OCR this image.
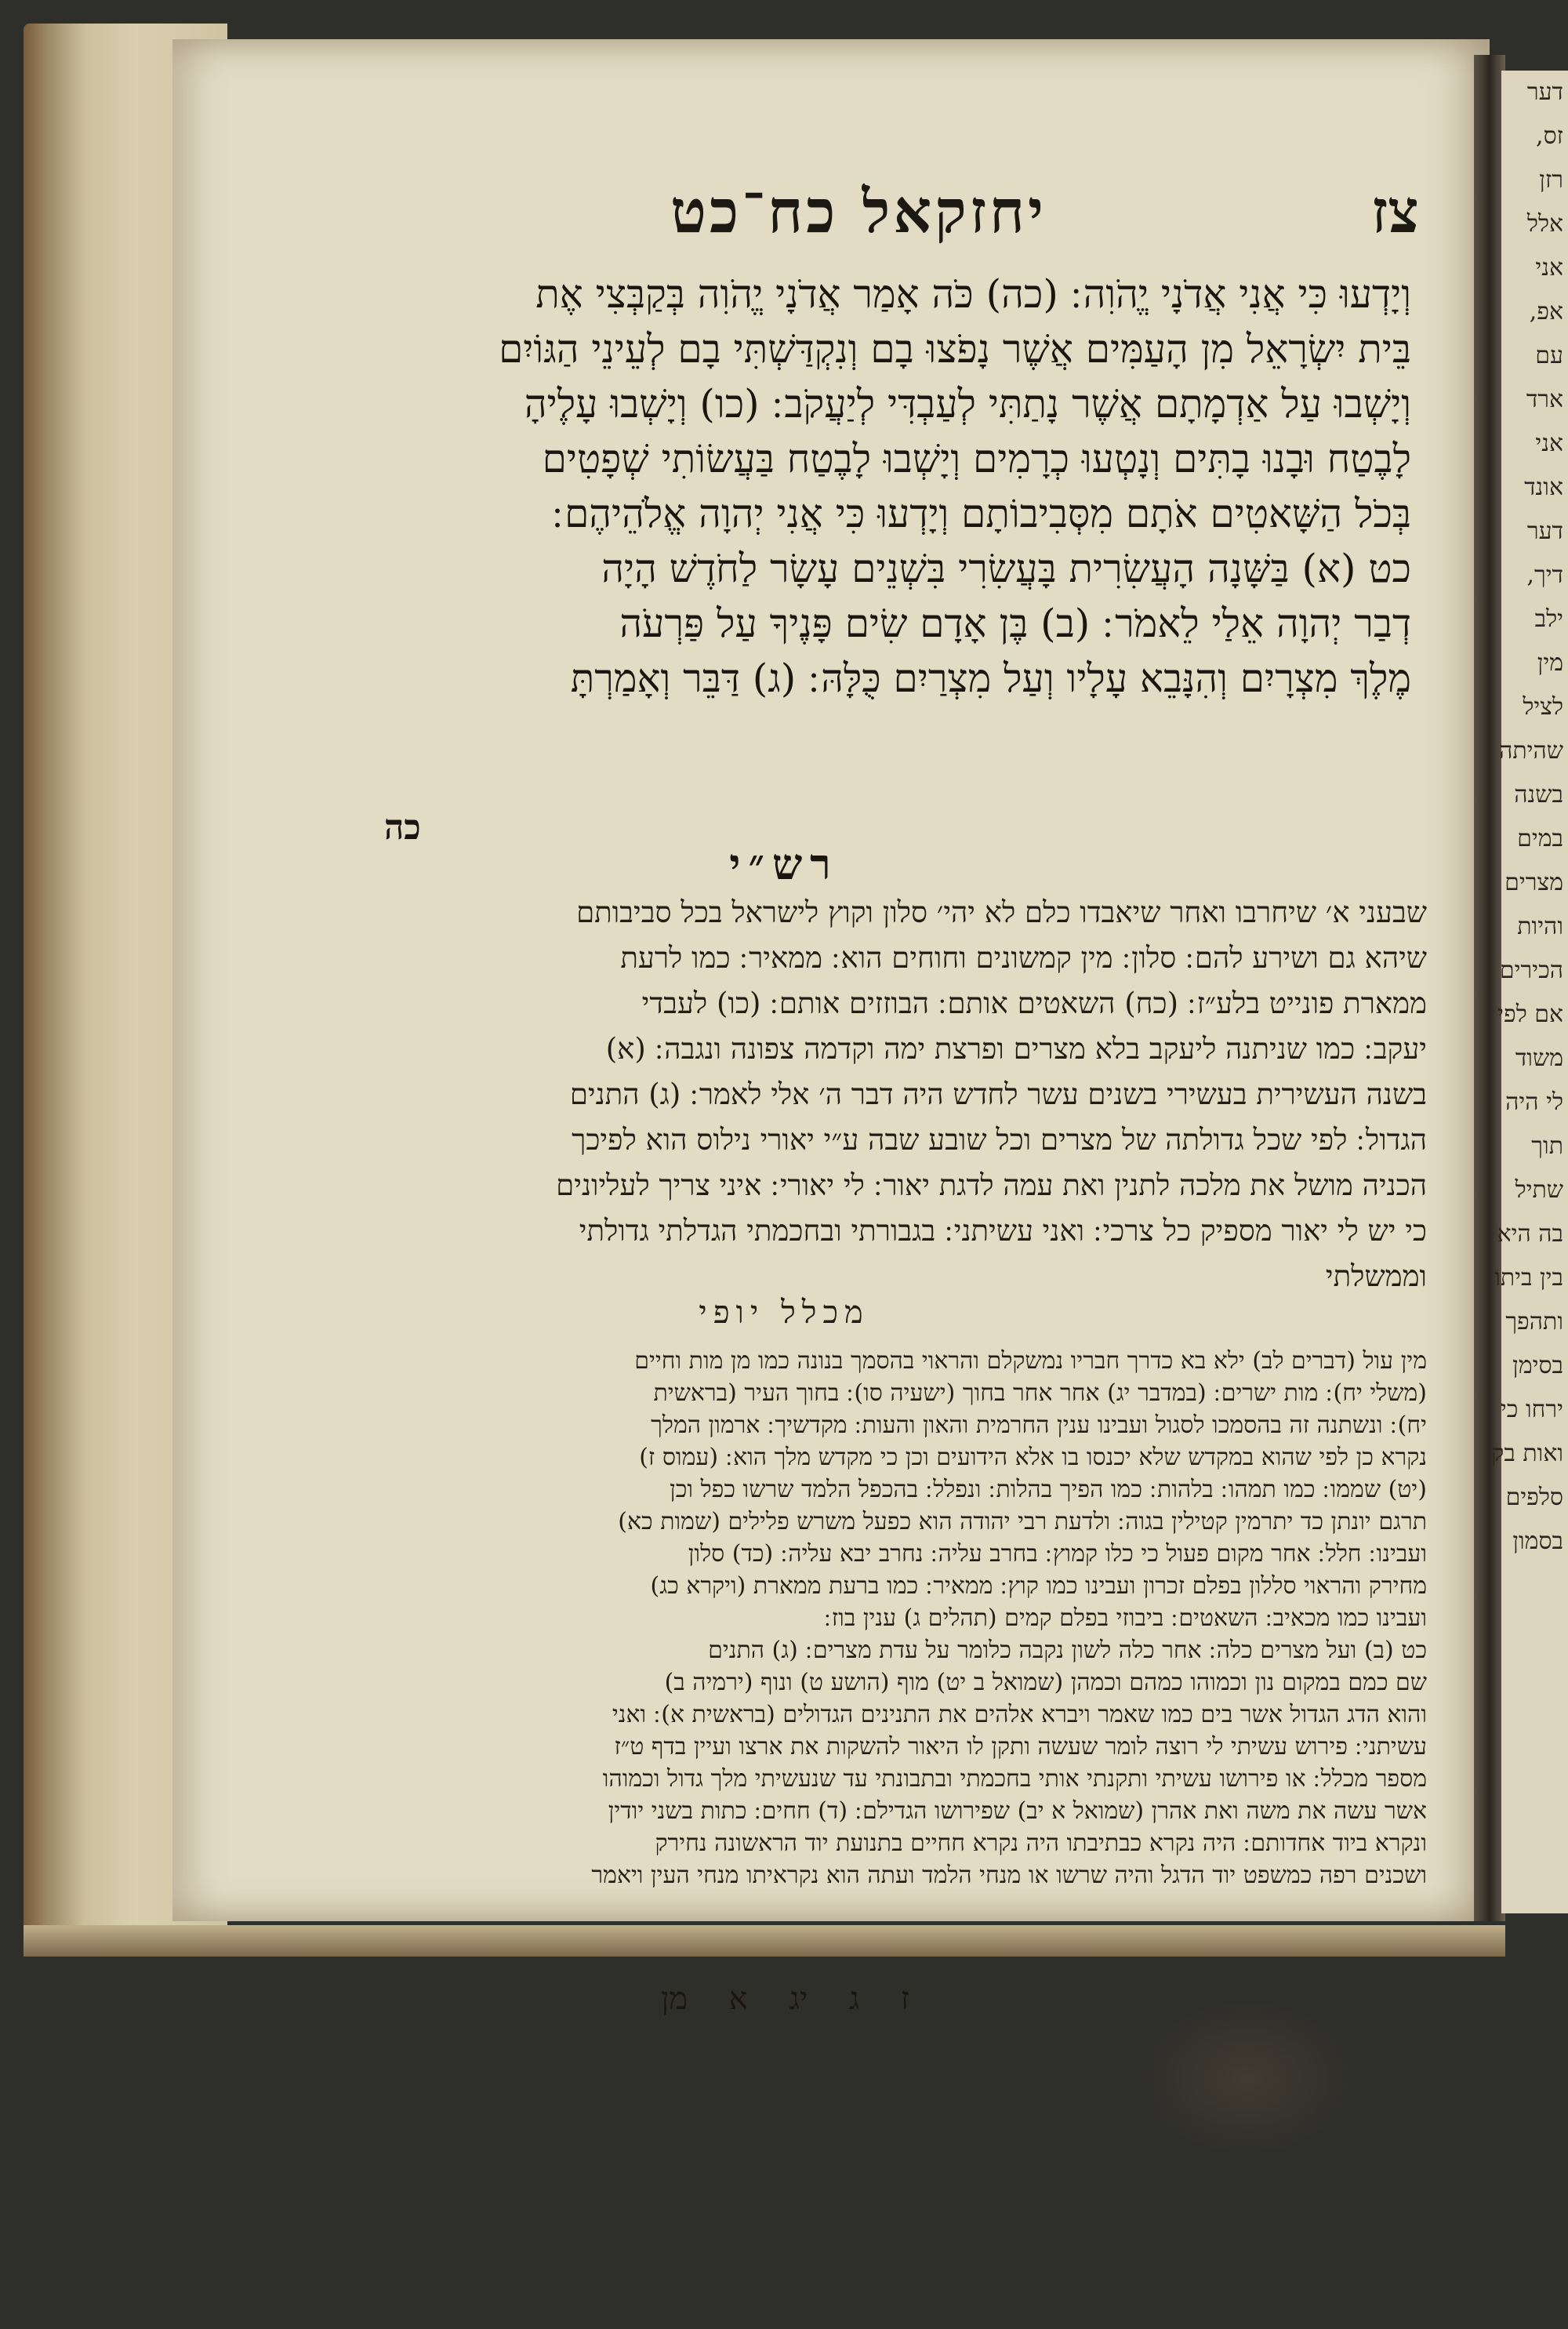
דער
זס,
רזן
אלל
אני
אפ,
עם
ארד
אני
אונד
דער
דיך,
ילב
מין
לציל
שהיתה
בשנה
במים
מצרים
והיות
הכירים
אם לפי
משוד
לי היה
תוך
שתיל
בה היא
בין ביתו
ותהפך
בסימן
ירחו כי
ואות בק
סלפים
בסמון
יחזקאל כח־כט	צז

וְיָדְעוּ כִּי אֲנִי אֲדֹנָי יֱהֹוִה ׃ (כה) כֹּה אָמַר אֲדֹנָי יֱהֹוִה בְּקַבְּצִי אֶת

בֵּית יִשְׂרָאֵל מִן הָעַמִּים אֲשֶׁר נָפֹצוּ בָם וְנִקְדַּשְׁתִּי בָם לְעֵינֵי הַגּוֹיִם

וְיָשְׁבוּ עַל אַדְמָתָם אֲשֶׁר נָתַתִּי לְעַבְדִּי לְיַעֲקֹב ׃ (כו) וְיָשְׁבוּ עָלֶיהָ

לָבֶטַח וּבָנוּ בָתִּים וְנָטְעוּ כְרָמִים וְיָשְׁבוּ לָבֶטַח בַּעֲשׂוֹתִי שְׁפָטִים

בְּכֹל הַשָּׁאטִים אֹתָם מִסְּבִיבוֹתָם וְיָדְעוּ כִּי אֲנִי יְהוָה אֱלֹהֵיהֶם ׃

כט (א) בַּשָּׁנָה הָעֲשִׂרִית בָּעֲשִׂרִי בִּשְׁנֵים עָשָׂר לַחֹדֶשׁ הָיָה

דְבַר יְהוָה אֵלַי לֵאמֹר ׃ (ב) בֶּן אָדָם שִׂים פָּנֶיךָ עַל פַּרְעֹה

מֶלֶךְ מִצְרָיִם וְהִנָּבֵא עָלָיו וְעַל מִצְרַיִם כֻּלָּהּ ׃ (ג) דַּבֵּר וְאָמַרְתָּ

כה
רש״י

שבעני א׳ שיחרבו ואחר שיאבדו כלם לא יהי׳ סלון וקוץ לישראל בכל סביבותם

שיהא גם ושירע להם ׃ סלון ׃ מין קמשונים וחוחים הוא ׃ ממאיר ׃ כמו לרעת

ממארת פונייט בלע״ז ׃ (כח) השאטים אותם ׃ הבוזזים אותם ׃ (כו) לעבדי

יעקב ׃ כמו שניתנה ליעקב בלא מצרים ופרצת ימה וקדמה צפונה ונגבה ׃ (א)

בשנה העשירית בעשירי בשנים עשר לחדש היה דבר ה׳ אלי לאמר ׃ (ג) התנים

הגדול ׃ לפי שכל גדולתה של מצרים וכל שובע שבה ע״י יאורי נילוס הוא לפיכך

הכניה מושל את מלכה לתנין ואת עמה לדגת יאור ׃ לי יאורי ׃ איני צריך לעליונים

כי יש לי יאור מספיק כל צרכי ׃ ואני עשיתני ׃ בגבורתי ובחכמתי הגדלתי גדולתי

וממשלתי

מכלל יופי

מין עול (דברים לב) ילא בא כדרך חבריו נמשקלם והראוי בהסמך בנונה כמו מן מות וחיים

(משלי יח) ׃ מות ישרים ׃ (במדבר יג) אחר אחר בחוך (ישעיה סו) ׃ בחוך העיר (בראשית

יח) ׃ ונשתנה זה בהסמכו לסגול ועבינו ענין החרמית והאון והעות ׃ מקדשיך ׃ ארמון המלך

נקרא כן לפי שהוא במקדש שלא יכנסו בו אלא הידועים וכן כי מקדש מלך הוא ׃ (עמוס ז)

(יט) שממו ׃ כמו תמהו ׃ בלהות ׃ כמו הפיך בהלות ׃ ונפלל ׃ בהכפל הלמד שרשו כפל וכן

תרגם יונתן כד יתרמין קטילין בגוה ׃ ולדעת רבי יהודה הוא כפעל משרש פלילים (שמות כא)

ועבינו ׃ חלל ׃ אחר מקום פעול כי כלו קמוץ ׃ בחרב עליה ׃ נחרב יבא עליה ׃ (כד) סלון

מחירק והראוי סללון בפלם זכרון ועבינו כמו קוץ ׃ ממאיר ׃ כמו ברעת ממארת (ויקרא כג)

ועבינו כמו מכאיב ׃ השאטים ׃ ביבוזי בפלם קמים (תהלים ג) ענין בוז ׃

כט (ב) ועל מצרים כלה ׃ אחר כלה לשון נקבה כלומר על עדת מצרים ׃ (ג) התנים

שם כמם במקום נון וכמוהו כמהם וכמהן (שמואל ב יט) מוף (הושע ט) ונוף (ירמיה ב)

והוא הדג הגדול אשר בים כמו שאמר ויברא אלהים את התנינים הגדולים (בראשית א) ׃ ואני

עשיתני ׃ פירוש עשיתי לי רוצה לומר שעשה ותקן לו היאור להשקות את ארצו ועיין בדף ט״ז

מספר מכלל ׃ או פירושו עשיתי ותקנתי אותי בחכמתי ובתבונתי עד שנעשיתי מלך גדול וכמוהו

אשר עשה את משה ואת אהרן (שמואל א יב) שפירושו הגדילם ׃ (ד) חחים ׃ כתות בשני יודין

ונקרא ביוד אחדותם ׃ היה נקרא כבתיבתו היה נקרא חחיים בתנועת יוד הראשונה נחירק

ושכנים רפה כמשפט יוד הדגל והיה שרשו או מנחי הלמד ועתה הוא נקראיתו מנחי העין ויאמר

ז ג יג א מן
